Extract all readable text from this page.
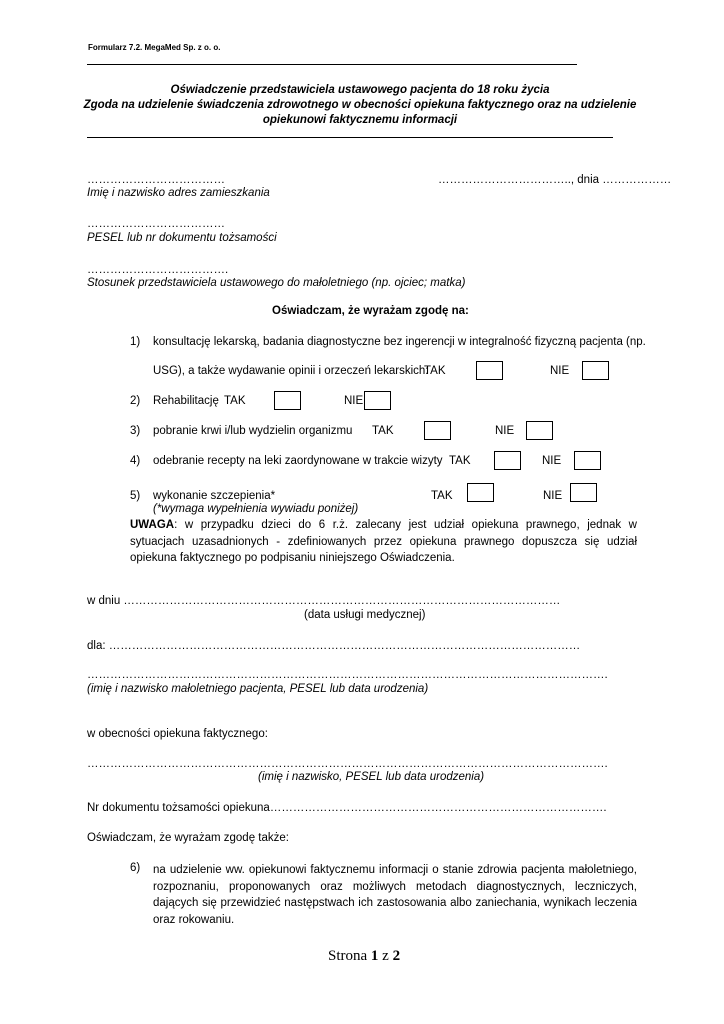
Formularz 7.2. MegaMed Sp. z o. o.
Oświadczenie przedstawiciela ustawowego pacjenta do 18 roku życia
Zgoda na udzielenie świadczenia zdrowotnego w obecności opiekuna faktycznego oraz na udzielenie
opiekunowi faktycznemu informacji
………………………………	…………………………….., dnia ………………
Imię i nazwisko adres zamieszkania
………………………………
PESEL lub nr dokumentu tożsamości
……………………………….
Stosunek przedstawiciela ustawowego do małoletniego (np. ojciec; matka)
Oświadczam, że wyrażam zgodę na:
1) konsultację lekarską, badania diagnostyczne bez ingerencji w integralność fizyczną pacjenta (np.
USG), a także wydawanie opinii i orzeczeń lekarskich:
TAK	NIE
2) Rehabilitację TAK	NIE
3) pobranie krwi i/lub wydzielin organizmu TAK	NIE
4) odebranie recepty na leki zaordynowane w trakcie wizyty TAK	NIE
5) wykonanie szczepienia*	TAK	NIE
(*wymaga wypełnienia wywiadu poniżej)
UWAGA: w przypadku dzieci do 6 r.ż. zalecany jest udział opiekuna prawnego, jednak w sytuacjach uzasadnionych - zdefiniowanych przez opiekuna prawnego dopuszcza się udział opiekuna faktycznego po podpisaniu niniejszego Oświadczenia.
w dniu ……………………………………………………………………………………………………
(data usługi medycznej)
dla: ……………………………………………………………………………………………………………
……………………………………………………………………………………………………………………….
(imię i nazwisko małoletniego pacjenta, PESEL lub data urodzenia)
w obecności opiekuna faktycznego:
……………………………………………………………………………………………………………………….
(imię i nazwisko, PESEL lub data urodzenia)
Nr dokumentu tożsamości opiekuna…………………………………………………………………………….
Oświadczam, że wyrażam zgodę także:
6) na udzielenie ww. opiekunowi faktycznemu informacji o stanie zdrowia pacjenta małoletniego, rozpoznaniu, proponowanych oraz możliwych metodach diagnostycznych, leczniczych, dających się przewidzieć następstwach ich zastosowania albo zaniechania, wynikach leczenia oraz rokowaniu.
Strona 1 z 2
